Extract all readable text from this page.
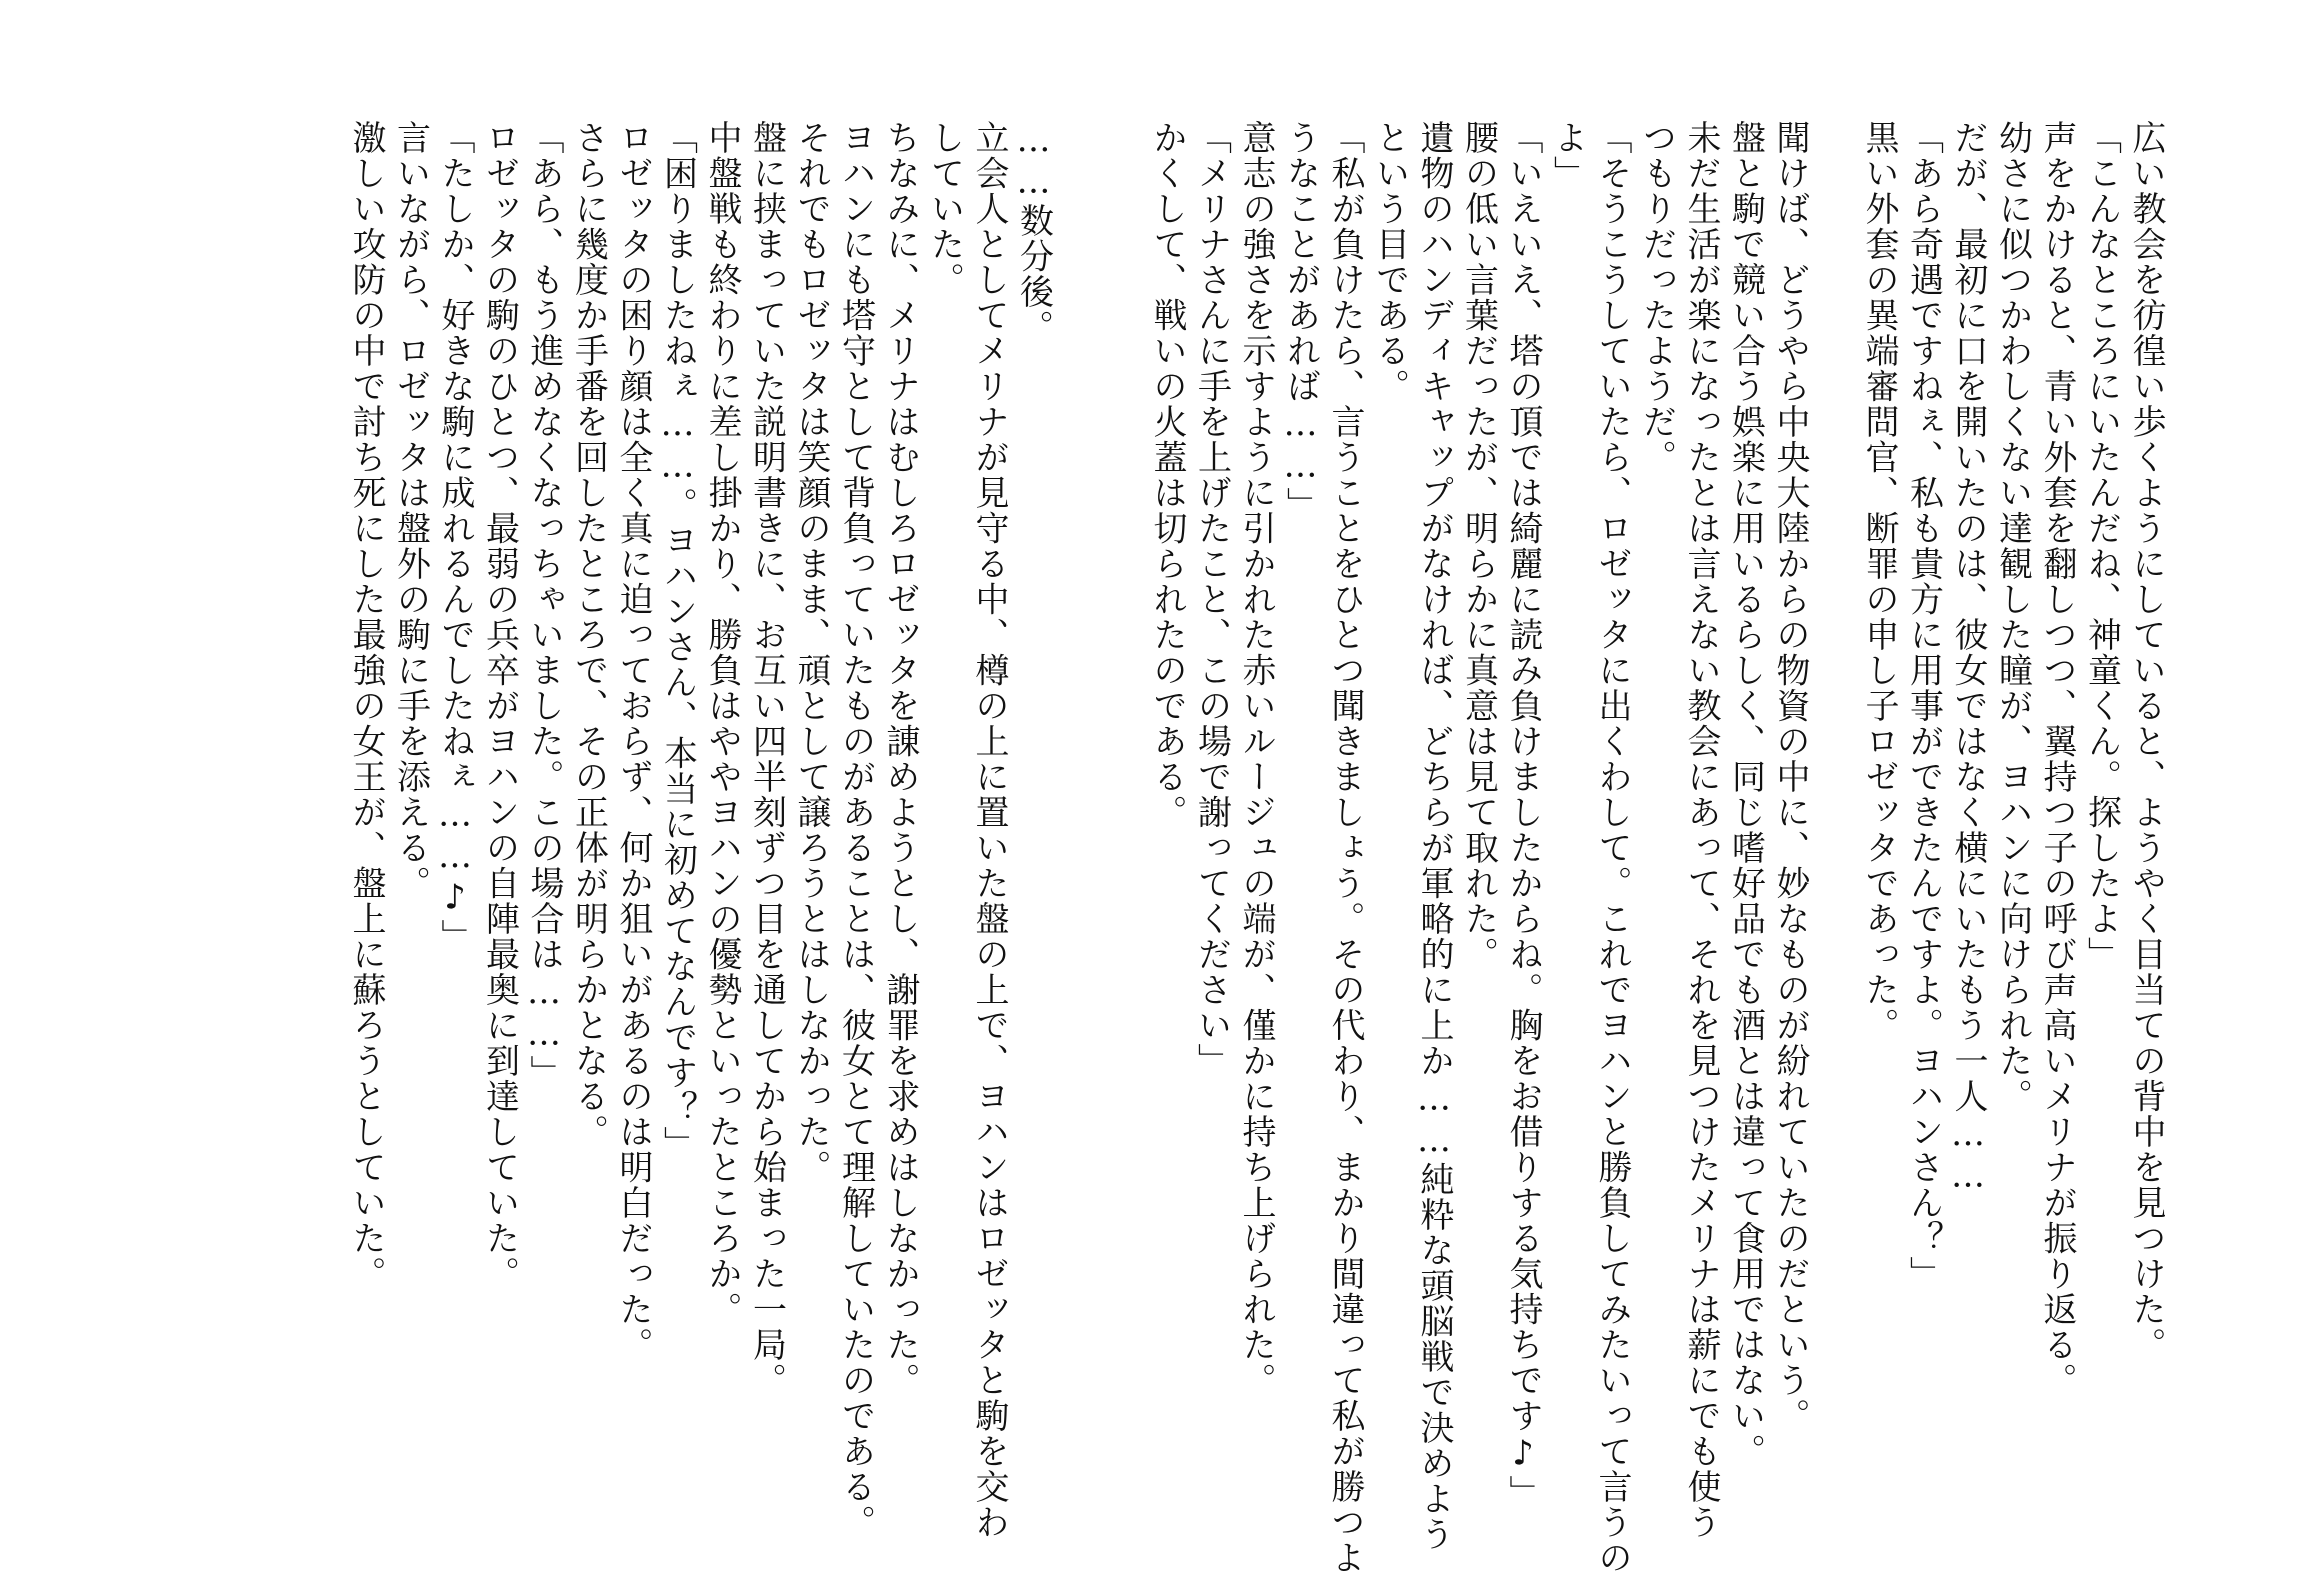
広い教会を彷徨い歩くようにしていると、ようやく目当ての背中を見つけた。
「こんなところにいたんだね、神童くん。探したよ」
声をかけると、青い外套を翻しつつ、翼持つ子の呼び声高いメリナが振り返る。
幼さに似つかわしくない達観した瞳が、ヨハンに向けられた。
だが、最初に口を開いたのは、彼女ではなく横にいたもう一人……
「あら奇遇ですねぇ、私も貴方に用事ができたんですよ。ヨハンさん？」
黒い外套の異端審問官、断罪の申し子ロゼッタであった。
聞けば、どうやら中央大陸からの物資の中に、妙なものが紛れていたのだという。
盤と駒で競い合う娯楽に用いるらしく、同じ嗜好品でも酒とは違って食用ではない。
未だ生活が楽になったとは言えない教会にあって、それを見つけたメリナは薪にでも使う
つもりだったようだ。
「そうこうしていたら、ロゼッタに出くわして。これでヨハンと勝負してみたいって言うの
よ」
「いえいえ、塔の頂では綺麗に読み負けましたからね。胸をお借りする気持ちです♪」
腰の低い言葉だったが、明らかに真意は見て取れた。
遺物のハンディキャップがなければ、どちらが軍略的に上か……純粋な頭脳戦で決めよう
という目である。
「私が負けたら、言うことをひとつ聞きましょう。その代わり、まかり間違って私が勝つよ
うなことがあれば……」
意志の強さを示すように引かれた赤いルージュの端が、僅かに持ち上げられた。
「メリナさんに手を上げたこと、この場で謝ってください」
かくして、戦いの火蓋は切られたのである。
……数分後。
立会人としてメリナが見守る中、樽の上に置いた盤の上で、ヨハンはロゼッタと駒を交わ
していた。
ちなみに、メリナはむしろロゼッタを諌めようとし、謝罪を求めはしなかった。
ヨハンにも塔守として背負っていたものがあることは、彼女とて理解していたのである。
それでもロゼッタは笑顔のまま、頑として譲ろうとはしなかった。
盤に挟まっていた説明書きに、お互い四半刻ずつ目を通してから始まった一局。
中盤戦も終わりに差し掛かり、勝負はややヨハンの優勢といったところか。
「困りましたねぇ……。ヨハンさん、本当に初めてなんです？」
ロゼッタの困り顔は全く真に迫っておらず、何か狙いがあるのは明白だった。
さらに幾度か手番を回したところで、その正体が明らかとなる。
「あら、もう進めなくなっちゃいました。この場合は……」
ロゼッタの駒のひとつ、最弱の兵卒がヨハンの自陣最奥に到達していた。
「たしか、好きな駒に成れるんでしたねぇ……♪」
言いながら、ロゼッタは盤外の駒に手を添える。
激しい攻防の中で討ち死にした最強の女王が、盤上に蘇ろうとしていた。
